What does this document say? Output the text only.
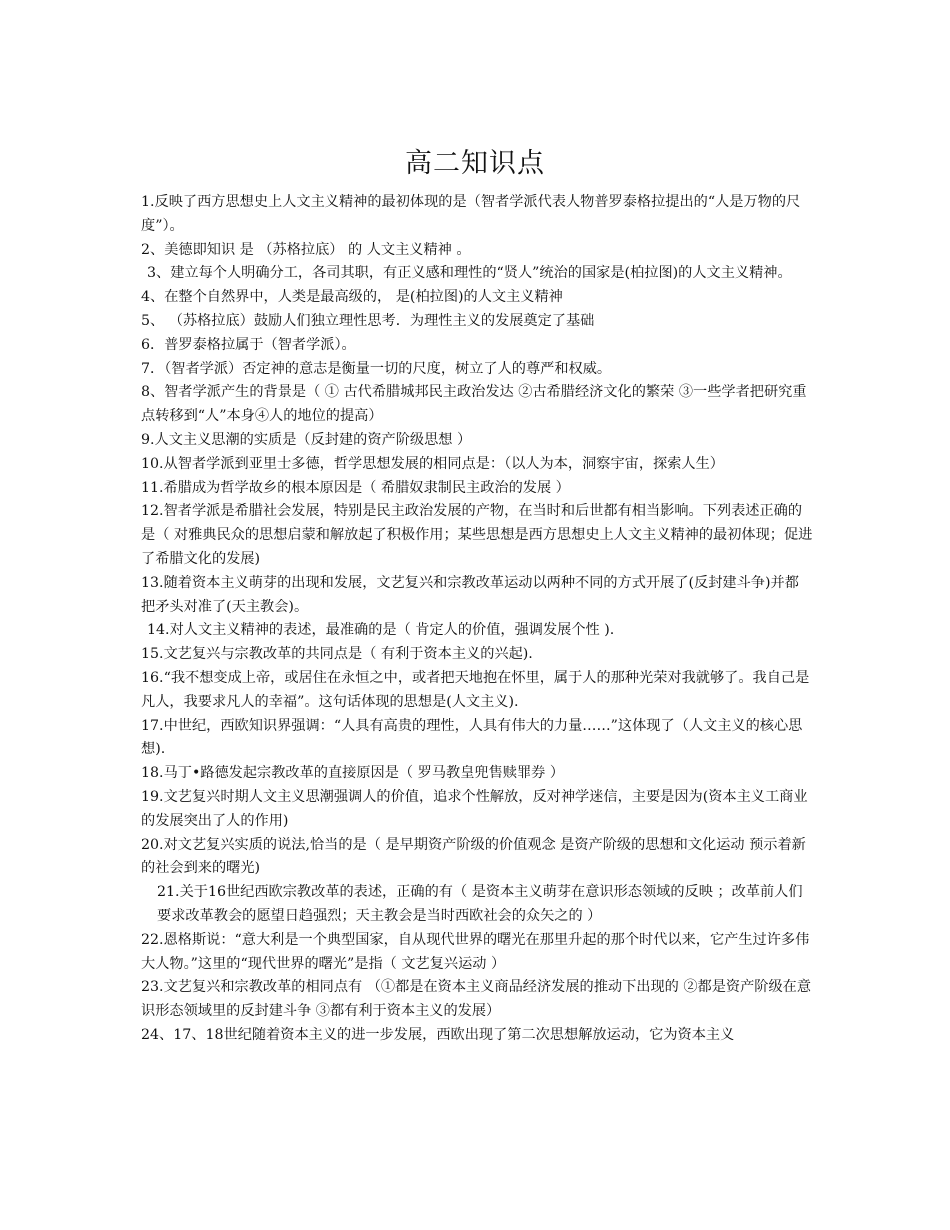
高二知识点

1.反映了西方思想史上人文主义精神的最初体现的是（智者学派代表人物普罗泰格拉提出的“人是万物的尺度”）。

2、美德即知识 是 （苏格拉底） 的 人文主义精神 。

3、建立每个人明确分工，各司其职，有正义感和理性的“贤人”统治的国家是(柏拉图)的人文主义精神。

4、在整个自然界中，人类是最高级的， 是(柏拉图)的人文主义精神

5、 （苏格拉底）鼓励人们独立理性思考．为理性主义的发展奠定了基础

6．普罗泰格拉属于（智者学派）。

7．（智者学派）否定神的意志是衡量一切的尺度，树立了人的尊严和权威。

8、智者学派产生的背景是（ ① 古代希腊城邦民主政治发达 ②古希腊经济文化的繁荣 ③一些学者把研究重点转移到“人”本身④人的地位的提高）

9.人文主义思潮的实质是（反封建的资产阶级思想 ）

10.从智者学派到亚里士多德，哲学思想发展的相同点是：（以人为本，洞察宇宙，探索人生）

11.希腊成为哲学故乡的根本原因是（ 希腊奴隶制民主政治的发展 ）

12.智者学派是希腊社会发展，特别是民主政治发展的产物，在当时和后世都有相当影响。下列表述正确的是（ 对雅典民众的思想启蒙和解放起了积极作用；某些思想是西方思想史上人文主义精神的最初体现；促进了希腊文化的发展)

13.随着资本主义萌芽的出现和发展，文艺复兴和宗教改革运动以两种不同的方式开展了(反封建斗争)并都把矛头对准了(天主教会)。

14.对人文主义精神的表述，最准确的是（ 肯定人的价值，强调发展个性 ).

15.文艺复兴与宗教改革的共同点是（ 有利于资本主义的兴起).

16.“我不想变成上帝，或居住在永恒之中，或者把天地抱在怀里，属于人的那种光荣对我就够了。我自己是凡人，我要求凡人的幸福”。这句话体现的思想是(人文主义).

17.中世纪，西欧知识界强调：“人具有高贵的理性，人具有伟大的力量……”这体现了（人文主义的核心思想).

18.马丁•路德发起宗教改革的直接原因是（ 罗马教皇兜售赎罪券 ）

19.文艺复兴时期人文主义思潮强调人的价值，追求个性解放，反对神学迷信，主要是因为(资本主义工商业的发展突出了人的作用)

20.对文艺复兴实质的说法,恰当的是（ 是早期资产阶级的价值观念 是资产阶级的思想和文化运动 预示着新的社会到来的曙光)

21.关于16世纪西欧宗教改革的表述，正确的有（ 是资本主义萌芽在意识形态领域的反映 ；改革前人们要求改革教会的愿望日趋强烈；天主教会是当时西欧社会的众矢之的 ）

22.恩格斯说：“意大利是一个典型国家，自从现代世界的曙光在那里升起的那个时代以来，它产生过许多伟大人物。”这里的“现代世界的曙光”是指（ 文艺复兴运动 ）

23.文艺复兴和宗教改革的相同点有 （①都是在资本主义商品经济发展的推动下出现的 ②都是资产阶级在意识形态领域里的反封建斗争 ③都有利于资本主义的发展）

24、17、18世纪随着资本主义的进一步发展，西欧出现了第二次思想解放运动，它为资本主义
